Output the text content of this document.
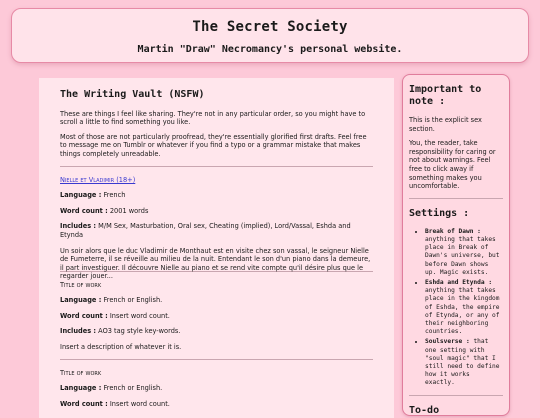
The Secret Society
Martin "Draw" Necromancy's personal website.
The Writing Vault (NSFW)

These are things I feel like sharing. They're not in any particular order, so you might have to scroll a little to find something you like.

Most of those are not particularly proofread, they're essentially glorified first drafts. Feel free to message me on Tumblr or whatever if you find a typo or a grammar mistake that makes things completely unreadable.

Nielle et Vladimir (18+)

Language : French

Word count : 2001 words

Includes : M/M Sex, Masturbation, Oral sex, Cheating (implied), Lord/Vassal, Eshda and Etynda

Un soir alors que le duc Vladimir de Monthaut est en visite chez son vassal, le seigneur Nielle de Fumeterre, il se réveille au milieu de la nuit. Entendant le son d'un piano dans la demeure, il part investiguer. Il découvre Nielle au piano et se rend vite compte qu'il désire plus que le regarder jouer...

Title of work

Language : French or English.

Word count : Insert word count.

Includes : AO3 tag style key-words.

Insert a description of whatever it is.

Title of work

Language : French or English.

Word count : Insert word count.

Important to note :

This is the explicit sex section.

You, the reader, take responsibility for caring or not about warnings. Feel free to click away if something makes you uncomfortable.

Settings :
• Break of Dawn : anything that takes place in Break of Dawn's universe, but before Dawn shows up. Magic exists.
• Eshda and Etynda : anything that takes place in the kingdom of Eshda, the empire of Etynda, or any of their neighboring countries.
• Soulsverse : that one setting with "soul magic" that I still need to define how it works exactly.
To-do
